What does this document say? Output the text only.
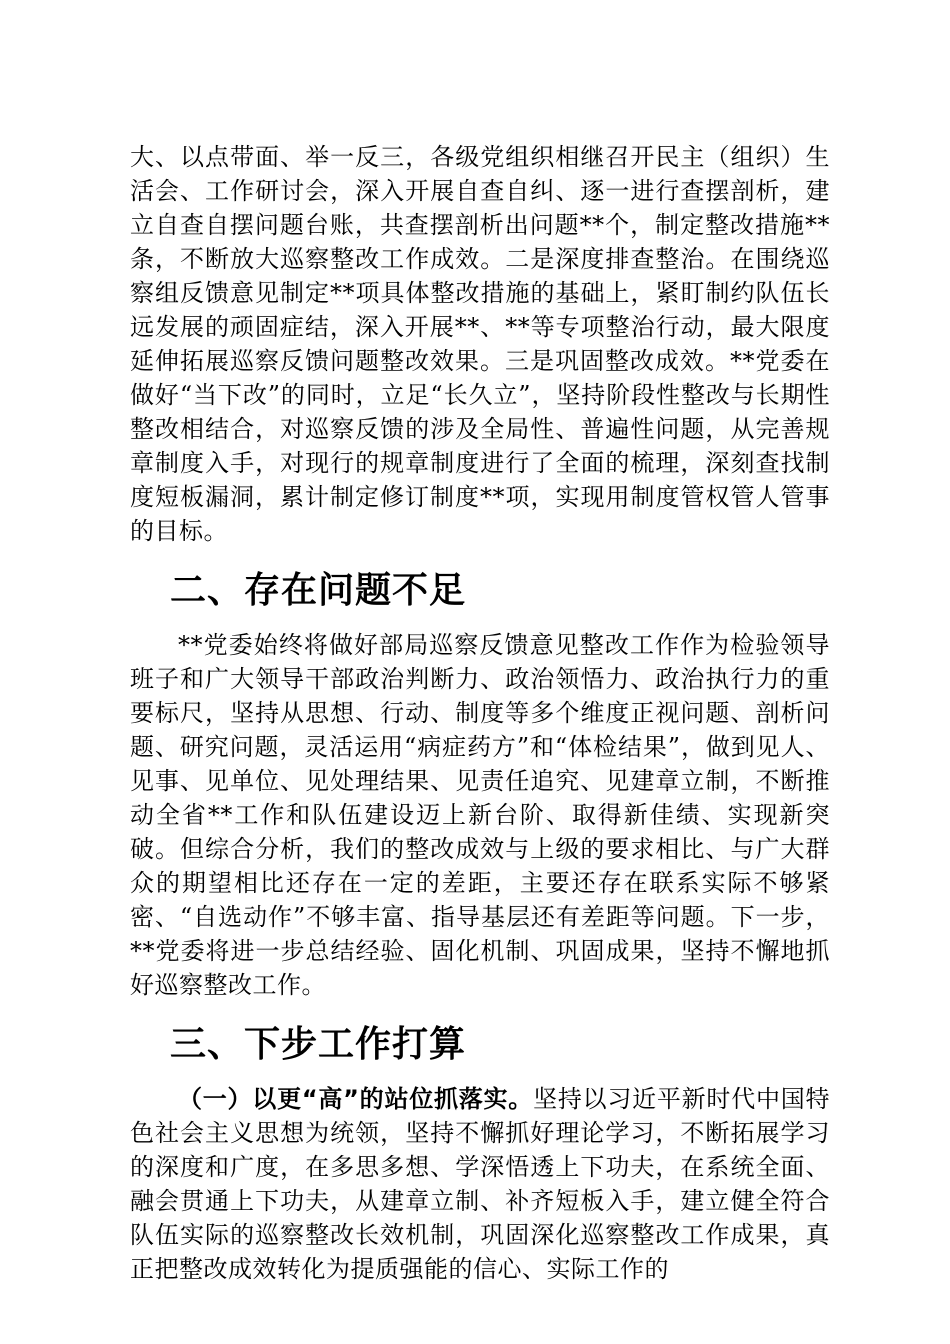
大、以点带面、举一反三，各级党组织相继召开民主（组织）生活会、工作研讨会，深入开展自查自纠、逐一进行查摆剖析，建立自查自摆问题台账，共查摆剖析出问题**个，制定整改措施**条，不断放大巡察整改工作成效。二是深度排查整治。在围绕巡察组反馈意见制定**项具体整改措施的基础上，紧盯制约队伍长远发展的顽固症结，深入开展**、**等专项整治行动，最大限度延伸拓展巡察反馈问题整改效果。三是巩固整改成效。**党委在做好“当下改”的同时，立足“长久立”，坚持阶段性整改与长期性整改相结合，对巡察反馈的涉及全局性、普遍性问题，从完善规章制度入手，对现行的规章制度进行了全面的梳理，深刻查找制度短板漏洞，累计制定修订制度**项，实现用制度管权管人管事的目标。

二、存在问题不足

**党委始终将做好部局巡察反馈意见整改工作作为检验领导班子和广大领导干部政治判断力、政治领悟力、政治执行力的重要标尺，坚持从思想、行动、制度等多个维度正视问题、剖析问题、研究问题，灵活运用“病症药方”和“体检结果”，做到见人、见事、见单位、见处理结果、见责任追究、见建章立制，不断推动全省**工作和队伍建设迈上新台阶、取得新佳绩、实现新突破。但综合分析，我们的整改成效与上级的要求相比、与广大群众的期望相比还存在一定的差距，主要还存在联系实际不够紧密、“自选动作”不够丰富、指导基层还有差距等问题。下一步，**党委将进一步总结经验、固化机制、巩固成果，坚持不懈地抓好巡察整改工作。

三、下步工作打算

（一）以更“高”的站位抓落实。坚持以习近平新时代中国特色社会主义思想为统领，坚持不懈抓好理论学习，不断拓展学习的深度和广度，在多思多想、学深悟透上下功夫，在系统全面、融会贯通上下功夫，从建章立制、补齐短板入手，建立健全符合队伍实际的巡察整改长效机制，巩固深化巡察整改工作成果，真正把整改成效转化为提质强能的信心、实际工作的
